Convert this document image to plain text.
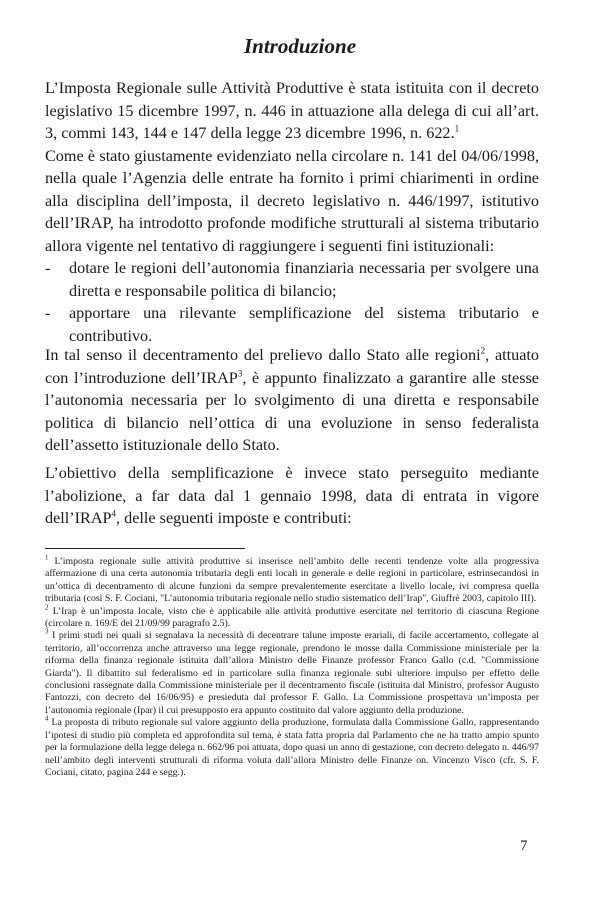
Introduzione

L’Imposta Regionale sulle Attività Produttive è stata istituita con il decreto legislativo 15 dicembre 1997, n. 446 in attuazione alla delega di cui all’art. 3, commi 143, 144 e 147 della legge 23 dicembre 1996, n. 622.$^1$

Come è stato giustamente evidenziato nella circolare n. 141 del 04/06/1998, nella quale l’Agenzia delle entrate ha fornito i primi chiarimenti in ordine alla disciplina dell’imposta, il decreto legislativo n. 446/1997, istitutivo dell’IRAP, ha introdotto profonde modifiche strutturali al sistema tributario allora vigente nel tentativo di raggiungere i seguenti fini istituzionali:

- dotare le regioni dell’autonomia finanziaria necessaria per svolgere una diretta e responsabile politica di bilancio;
- apportare una rilevante semplificazione del sistema tributario e contributivo.

In tal senso il decentramento del prelievo dallo Stato alle regioni$^2$, attuato con l’introduzione dell’IRAP$^3$, è appunto finalizzato a garantire alle stesse l’autonomia necessaria per lo svolgimento di una diretta e responsabile politica di bilancio nell’ottica di una evoluzione in senso federalista dell’assetto istituzionale dello Stato.

L’obiettivo della semplificazione è invece stato perseguito mediante l’abolizione, a far data dal 1 gennaio 1998, data di entrata in vigore dell’IRAP$^4$, delle seguenti imposte e contributi:

$^1$ L’imposta regionale sulle attività produttive si inserisce nell’ambito delle recenti tendenze volte alla progressiva affermazione di una certa autonomia tributaria degli enti locali in generale e delle regioni in particolare, estrinsecandosi in un’ottica di decentramento di alcune funzioni da sempre prevalentemente esercitate a livello locale, ivi compresa quella tributaria (così S. F. Cociani, "L’autonomia tributaria regionale nello studio sistematico dell’Irap", Giuffrè 2003, capitolo III).

$^2$ L’Irap è un’imposta locale, visto che è applicabile alle attività produttive esercitate nel territorio di ciascuna Regione (circolare n. 169/E del 21/09/99 paragrafo 2.5).

$^3$ I primi studi nei quali si segnalava la necessità di decentrare talune imposte erariali, di facile accertamento, collegate al territorio, all’occorrenza anche attraverso una legge regionale, prendono le mosse dalla Commissione ministeriale per la riforma della finanza regionale istituita dall’allora Ministro delle Finanze professor Franco Gallo (c.d. "Commissione Giarda"). Il dibattito sul federalismo ed in particolare sulla finanza regionale subì ulteriore impulso per effetto delle conclusioni rassegnate dalla Commissione ministeriale per il decentramento fiscale (istituita dal Ministro, professor Augusto Fantozzi, con decreto del 16/06/95) e presieduta dal professor F. Gallo. La Commissione prospettava un’imposta per l’autonomia regionale (Ipar) il cui presupposto era appunto costituito dal valore aggiunto della produzione.

$^4$ La proposta di tributo regionale sul valore aggiunto della produzione, formulata dalla Commissione Gallo, rappresentando l’ipotesi di studio più completa ed approfondita sul tema, è stata fatta propria dal Parlamento che ne ha tratto ampio spunto per la formulazione della legge delega n. 662/96 poi attuata, dopo quasi un anno di gestazione, con decreto delegato n. 446/97 nell’ambito degli interventi strutturali di riforma voluta dall’allora Ministro delle Finanze on. Vincenzo Visco (cfr. S. F. Cociani, citato, pagina 244 e segg.).

7
